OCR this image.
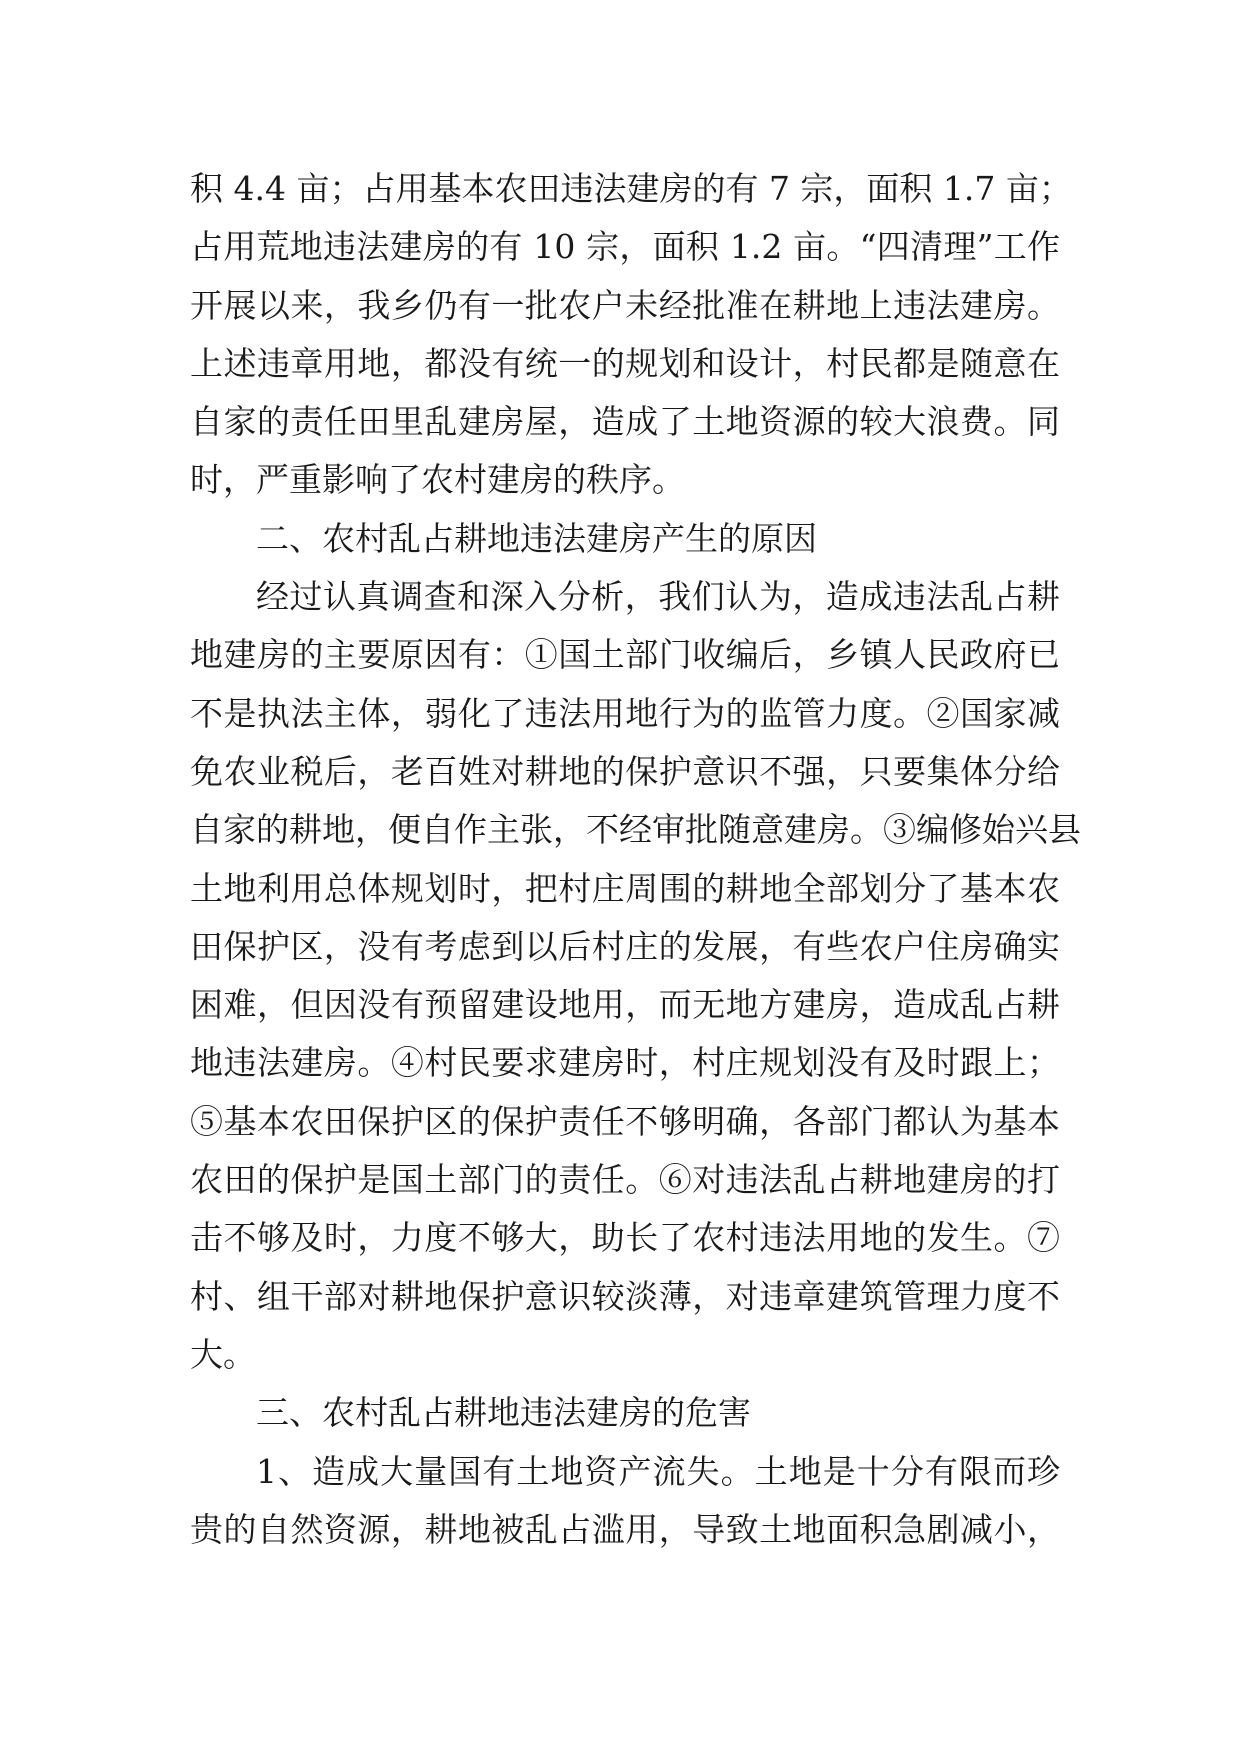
积 4.4 亩；占用基本农田违法建房的有 7 宗，面积 1.7 亩；
占用荒地违法建房的有 10 宗，面积 1.2 亩。“四清理”工作
开展以来，我乡仍有一批农户未经批准在耕地上违法建房。
上述违章用地，都没有统一的规划和设计，村民都是随意在
自家的责任田里乱建房屋，造成了土地资源的较大浪费。同
时，严重影响了农村建房的秩序。
二、农村乱占耕地违法建房产生的原因
经过认真调查和深入分析，我们认为，造成违法乱占耕
地建房的主要原因有：①国土部门收编后，乡镇人民政府已
不是执法主体，弱化了违法用地行为的监管力度。②国家减
免农业税后，老百姓对耕地的保护意识不强，只要集体分给
自家的耕地，便自作主张，不经审批随意建房。③编修始兴县
土地利用总体规划时，把村庄周围的耕地全部划分了基本农
田保护区，没有考虑到以后村庄的发展，有些农户住房确实
困难，但因没有预留建设地用，而无地方建房，造成乱占耕
地违法建房。④村民要求建房时，村庄规划没有及时跟上；
⑤基本农田保护区的保护责任不够明确，各部门都认为基本
农田的保护是国土部门的责任。⑥对违法乱占耕地建房的打
击不够及时，力度不够大，助长了农村违法用地的发生。⑦
村、组干部对耕地保护意识较淡薄，对违章建筑管理力度不
大。
三、农村乱占耕地违法建房的危害
1、造成大量国有土地资产流失。土地是十分有限而珍
贵的自然资源，耕地被乱占滥用，导致土地面积急剧减小，
